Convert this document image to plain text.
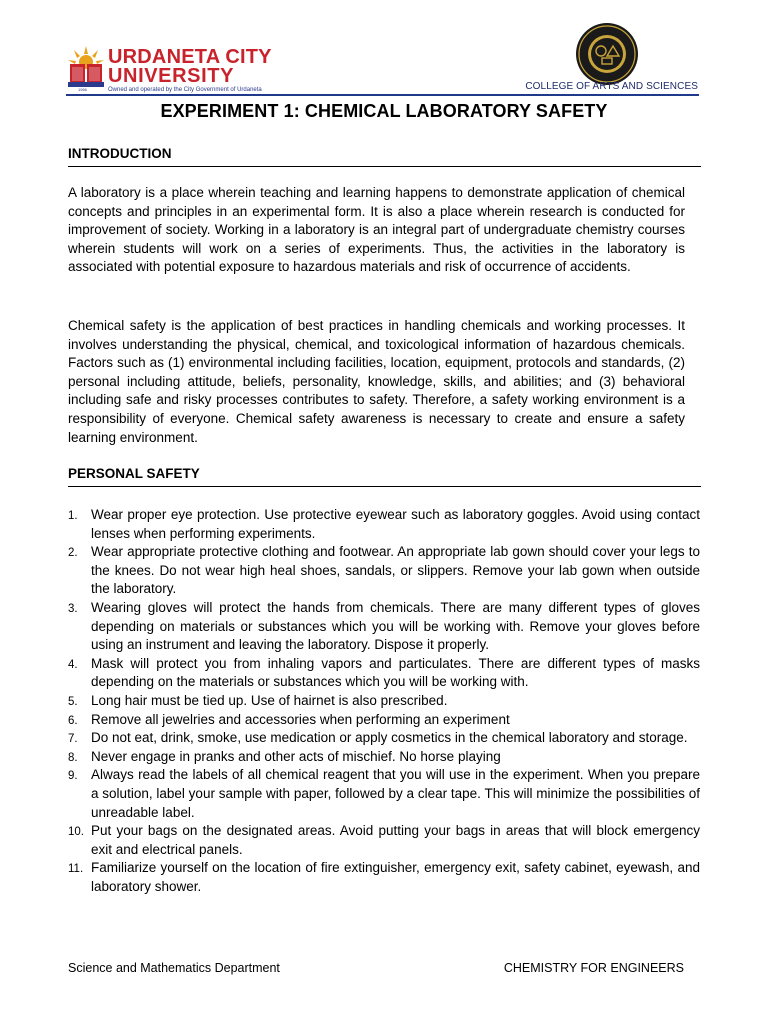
URDANETA CITY
UNIVERSITY
Owned and operated by the City Government of Urdaneta
1966	COLLEGE OF ARTS AND SCIENCES
EXPERIMENT 1: CHEMICAL LABORATORY SAFETY
INTRODUCTION

A laboratory is a place wherein teaching and learning happens to demonstrate application of chemical concepts and principles in an experimental form. It is also a place wherein research is conducted for improvement of society. Working in a laboratory is an integral part of undergraduate chemistry courses wherein students will work on a series of experiments. Thus, the activities in the laboratory is associated with potential exposure to hazardous materials and risk of occurrence of accidents.

Chemical safety is the application of best practices in handling chemicals and working processes. It involves understanding the physical, chemical, and toxicological information of hazardous chemicals. Factors such as (1) environmental including facilities, location, equipment, protocols and standards, (2) personal including attitude, beliefs, personality, knowledge, skills, and abilities; and (3) behavioral including safe and risky processes contributes to safety. Therefore, a safety working environment is a responsibility of everyone. Chemical safety awareness is necessary to create and ensure a safety learning environment.

PERSONAL SAFETY
1. Wear proper eye protection. Use protective eyewear such as laboratory goggles. Avoid using contact lenses when performing experiments.
2. Wear appropriate protective clothing and footwear. An appropriate lab gown should cover your legs to the knees. Do not wear high heal shoes, sandals, or slippers. Remove your lab gown when outside the laboratory.
3. Wearing gloves will protect the hands from chemicals. There are many different types of gloves depending on materials or substances which you will be working with. Remove your gloves before using an instrument and leaving the laboratory. Dispose it properly.
4. Mask will protect you from inhaling vapors and particulates. There are different types of masks depending on the materials or substances which you will be working with.
5. Long hair must be tied up. Use of hairnet is also prescribed.
6. Remove all jewelries and accessories when performing an experiment
7. Do not eat, drink, smoke, use medication or apply cosmetics in the chemical laboratory and storage.
8. Never engage in pranks and other acts of mischief. No horse playing
9. Always read the labels of all chemical reagent that you will use in the experiment. When you prepare a solution, label your sample with paper, followed by a clear tape. This will minimize the possibilities of unreadable label.
10. Put your bags on the designated areas. Avoid putting your bags in areas that will block emergency exit and electrical panels.
11. Familiarize yourself on the location of fire extinguisher, emergency exit, safety cabinet, eyewash, and laboratory shower.
Science and Mathematics Department	CHEMISTRY FOR ENGINEERS
